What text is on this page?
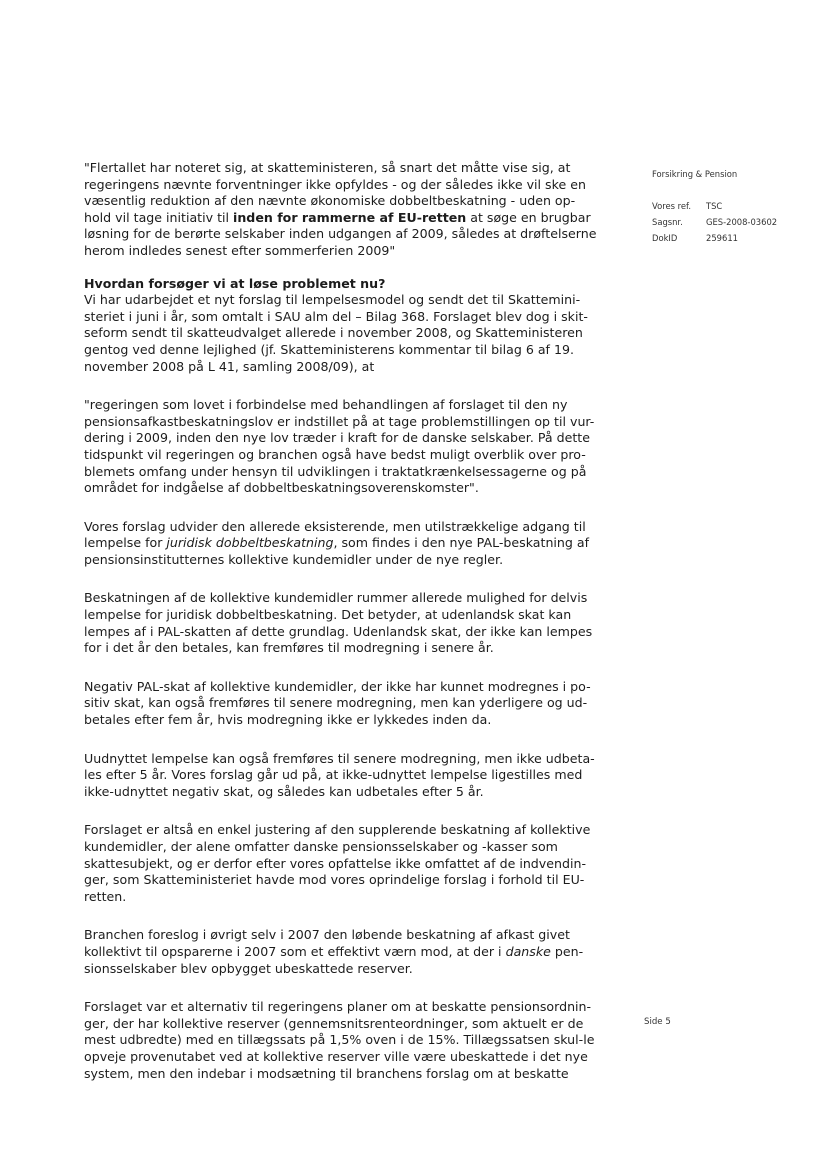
"Flertallet har noteret sig, at skatteministeren, så snart det måtte vise sig, at regeringens nævnte forventninger ikke opfyldes - og der således ikke vil ske en væsentlig reduktion af den nævnte økonomiske dobbeltbeskatning - uden op-hold vil tage initiativ til inden for rammerne af EU-retten at søge en brugbar løsning for de berørte selskaber inden udgangen af 2009, således at drøftelserne herom indledes senest efter sommerferien 2009"

Hvordan forsøger vi at løse problemet nu?

Vi har udarbejdet et nyt forslag til lempelsesmodel og sendt det til Skattemini-steriet i juni i år, som omtalt i SAU alm del – Bilag 368. Forslaget blev dog i skit-seform sendt til skatteudvalget allerede i november 2008, og Skatteministeren gentog ved denne lejlighed (jf. Skatteministerens kommentar til bilag 6 af 19. november 2008 på L 41, samling 2008/09), at

"regeringen som lovet i forbindelse med behandlingen af forslaget til den ny pensionsafkastbeskatningslov er indstillet på at tage problemstillingen op til vur-dering i 2009, inden den nye lov træder i kraft for de danske selskaber. På dette tidspunkt vil regeringen og branchen også have bedst muligt overblik over pro-blemets omfang under hensyn til udviklingen i traktatkrænkelsessagerne og på området for indgåelse af dobbeltbeskatningsoverenskomster".

Vores forslag udvider den allerede eksisterende, men utilstrækkelige adgang til lempelse for juridisk dobbeltbeskatning, som findes i den nye PAL-beskatning af pensionsinstitutternes kollektive kundemidler under de nye regler.

Beskatningen af de kollektive kundemidler rummer allerede mulighed for delvis lempelse for juridisk dobbeltbeskatning. Det betyder, at udenlandsk skat kan lempes af i PAL-skatten af dette grundlag. Udenlandsk skat, der ikke kan lempes for i det år den betales, kan fremføres til modregning i senere år.

Negativ PAL-skat af kollektive kundemidler, der ikke har kunnet modregnes i po-sitiv skat, kan også fremføres til senere modregning, men kan yderligere og ud-betales efter fem år, hvis modregning ikke er lykkedes inden da.

Uudnyttet lempelse kan også fremføres til senere modregning, men ikke udbeta-les efter 5 år. Vores forslag går ud på, at ikke-udnyttet lempelse ligestilles med ikke-udnyttet negativ skat, og således kan udbetales efter 5 år.

Forslaget er altså en enkel justering af den supplerende beskatning af kollektive kundemidler, der alene omfatter danske pensionsselskaber og -kasser som skattesubjekt, og er derfor efter vores opfattelse ikke omfattet af de indvendin-ger, som Skatteministeriet havde mod vores oprindelige forslag i forhold til EU-retten.

Branchen foreslog i øvrigt selv i 2007 den løbende beskatning af afkast givet kollektivt til opsparerne i 2007 som et effektivt værn mod, at der i danske pen-sionsselskaber blev opbygget ubeskattede reserver.

Forslaget var et alternativ til regeringens planer om at beskatte pensionsordnin-ger, der har kollektive reserver (gennemsnitsrenteordninger, som aktuelt er de mest udbredte) med en tillægssats på 1,5% oven i de 15%. Tillægssatsen skul-le opveje provenutabet ved at kollektive reserver ville være ubeskattede i det nye system, men den indebar i modsætning til branchens forslag om at beskatte

Forsikring & Pension
Vores ref.	TSC
Sagsnr.	GES-2008-03602
DokID	259611
Side 5
